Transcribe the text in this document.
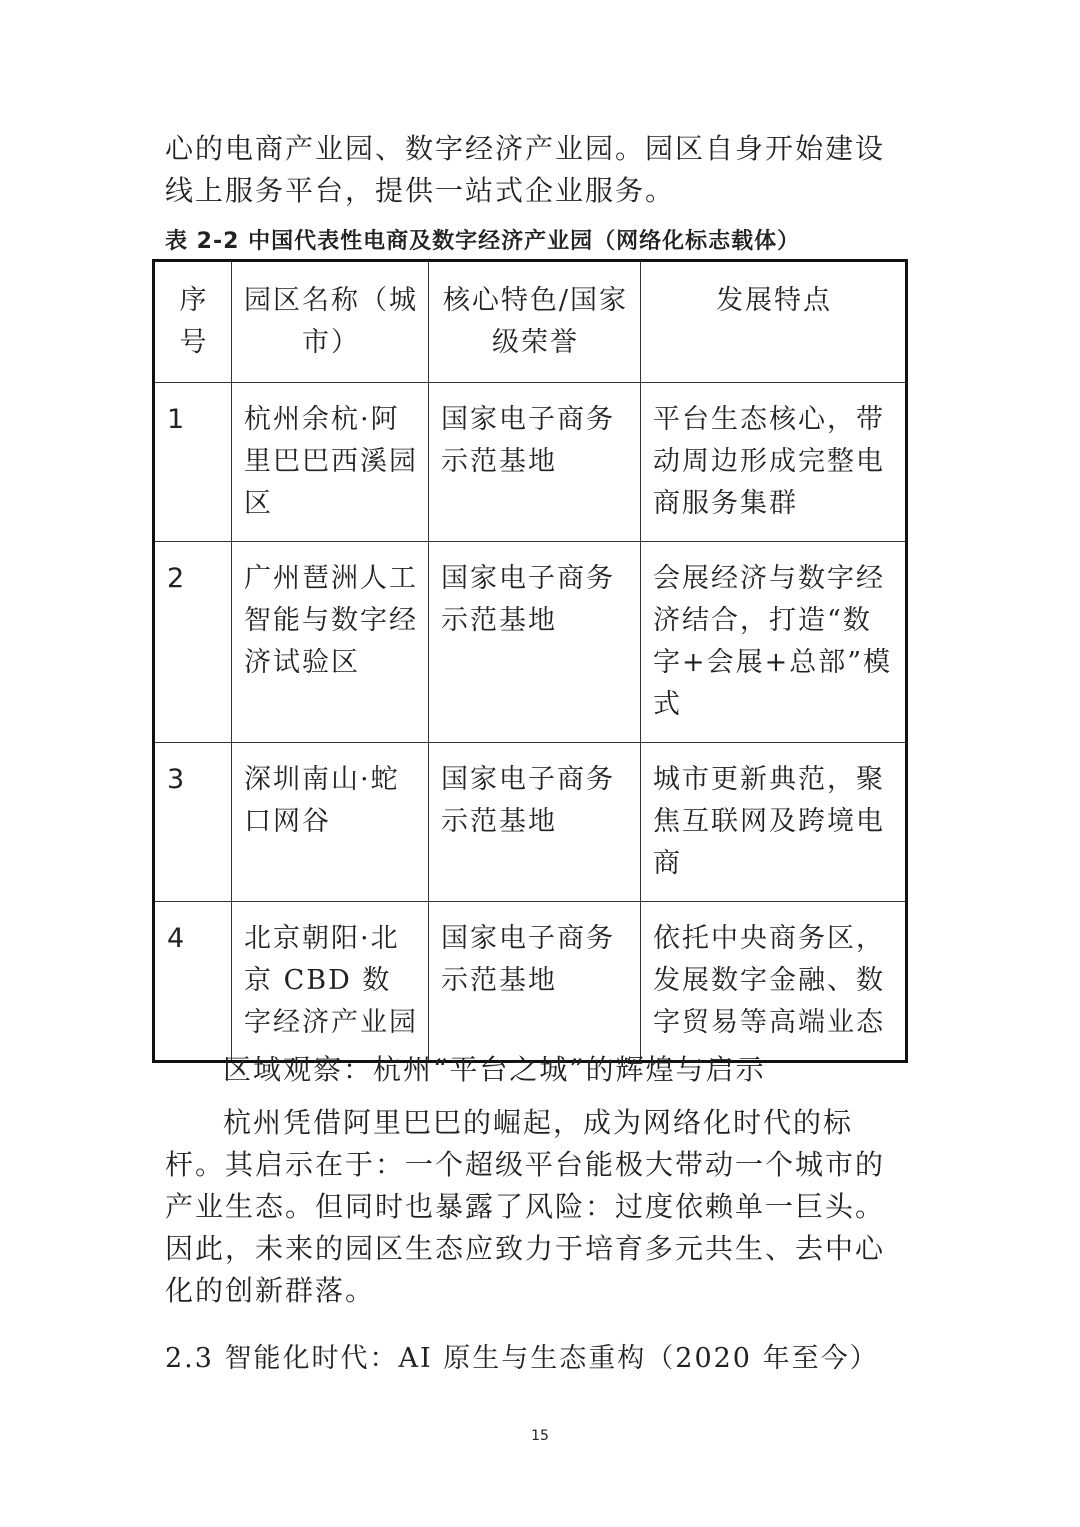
心的电商产业园、数字经济产业园。园区自身开始建设线上服务平台，提供一站式企业服务。

表 2-2 中国代表性电商及数字经济产业园（网络化标志载体）
序号	园区名称（城市）	核心特色/国家级荣誉	发展特点
1	杭州余杭·阿里巴巴西溪园区	国家电子商务示范基地	平台生态核心，带动周边形成完整电商服务集群
2	广州琶洲人工智能与数字经济试验区	国家电子商务示范基地	会展经济与数字经济结合，打造“数字+会展+总部”模式
3	深圳南山·蛇口网谷	国家电子商务示范基地	城市更新典范，聚焦互联网及跨境电商
4	北京朝阳·北京 CBD 数字经济产业园	国家电子商务示范基地	依托中央商务区，发展数字金融、数字贸易等高端业态

区域观察：杭州“平台之城”的辉煌与启示

杭州凭借阿里巴巴的崛起，成为网络化时代的标杆。其启示在于：一个超级平台能极大带动一个城市的产业生态。但同时也暴露了风险：过度依赖单一巨头。因此，未来的园区生态应致力于培育多元共生、去中心化的创新群落。

2.3 智能化时代：AI 原生与生态重构（2020 年至今）
15
